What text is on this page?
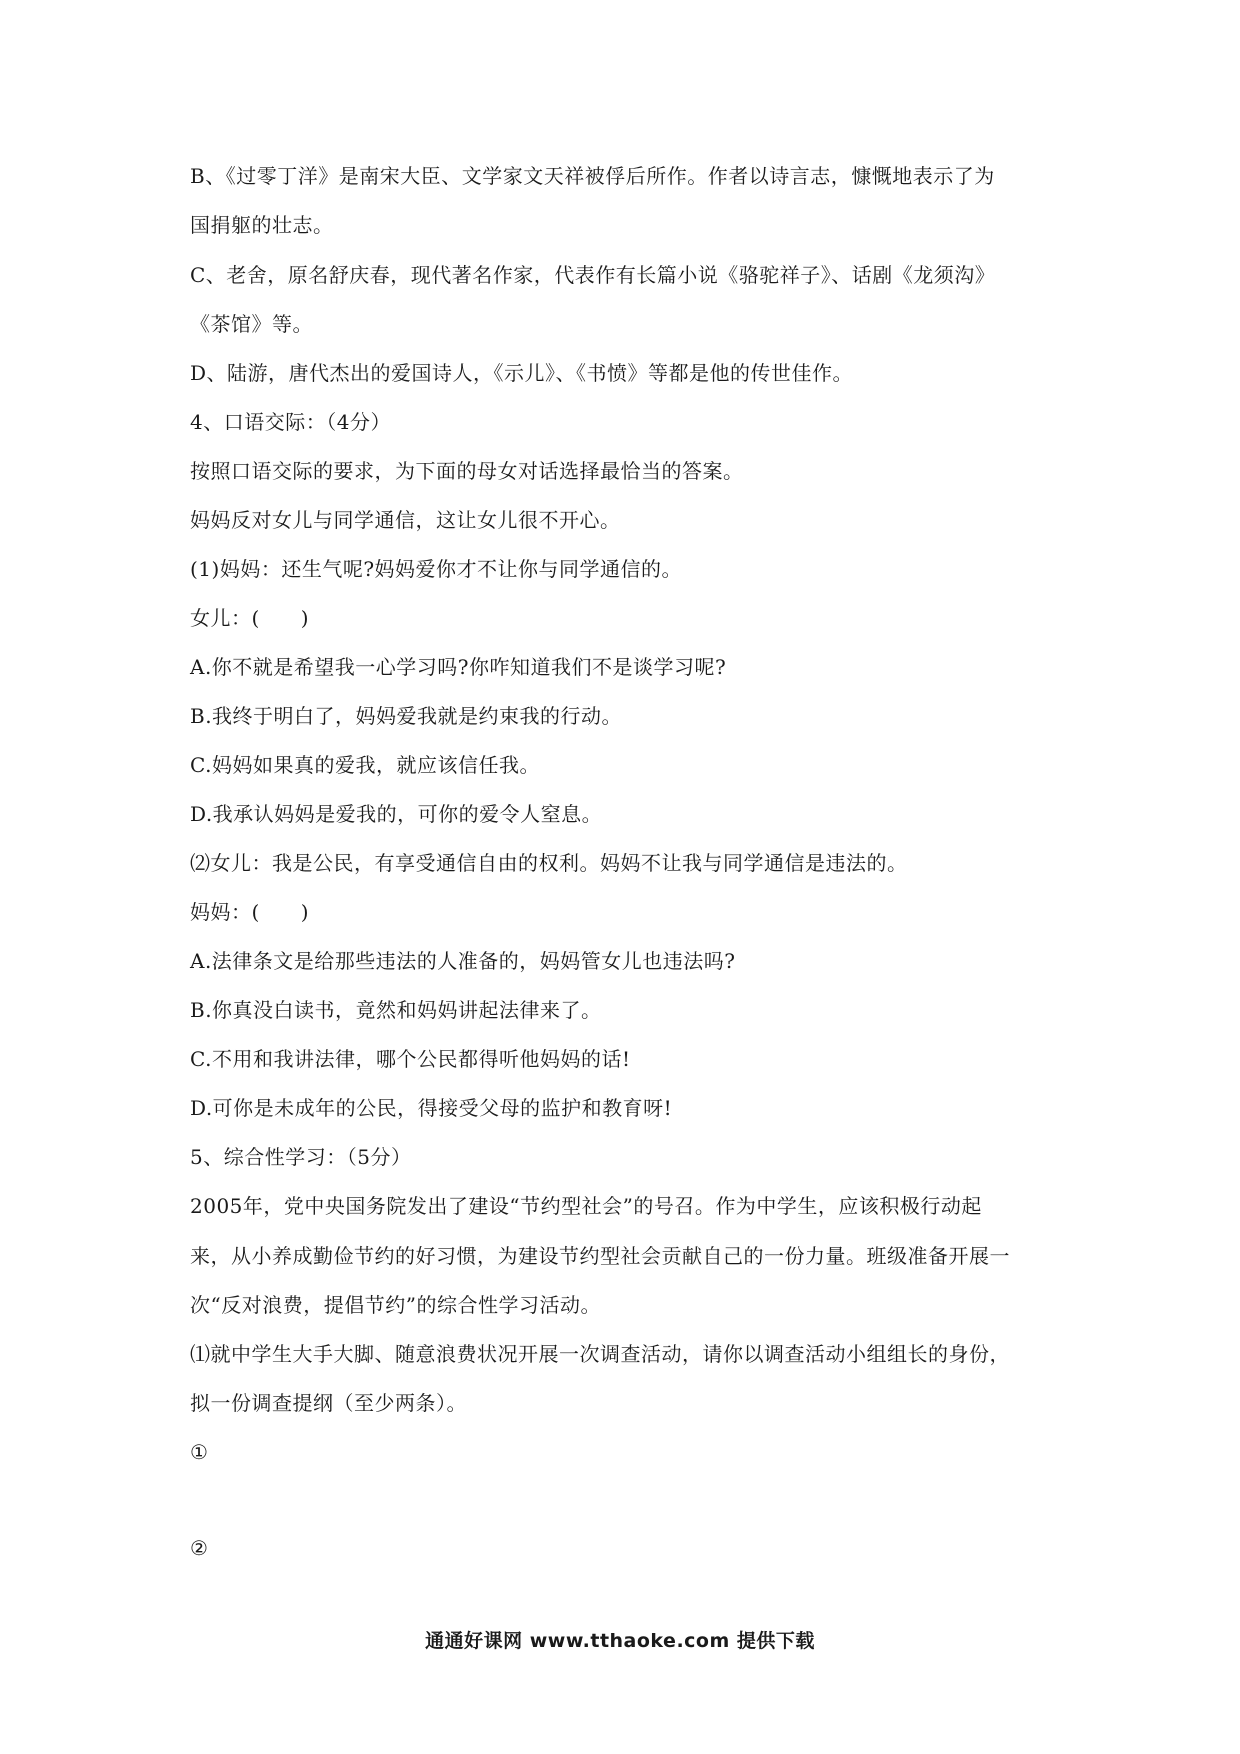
B、《过零丁洋》是南宋大臣、文学家文天祥被俘后所作。作者以诗言志，慷慨地表示了为
国捐躯的壮志。
C、老舍，原名舒庆春，现代著名作家，代表作有长篇小说《骆驼祥子》、话剧《龙须沟》
《茶馆》等。
D、陆游，唐代杰出的爱国诗人，《示儿》、《书愤》等都是他的传世佳作。
4、口语交际：（4分）
按照口语交际的要求，为下面的母女对话选择最恰当的答案。
妈妈反对女儿与同学通信，这让女儿很不开心。
(1)妈妈：还生气呢?妈妈爱你才不让你与同学通信的。
女儿：(　　)
A.你不就是希望我一心学习吗?你咋知道我们不是谈学习呢?
B.我终于明白了，妈妈爱我就是约束我的行动。
C.妈妈如果真的爱我，就应该信任我。
D.我承认妈妈是爱我的，可你的爱令人窒息。
⑵女儿：我是公民，有享受通信自由的权利。妈妈不让我与同学通信是违法的。
妈妈：(　　)
A.法律条文是给那些违法的人准备的，妈妈管女儿也违法吗?
B.你真没白读书，竟然和妈妈讲起法律来了。
C.不用和我讲法律，哪个公民都得听他妈妈的话!
D.可你是未成年的公民，得接受父母的监护和教育呀!
5、综合性学习：（5分）
2005年，党中央国务院发出了建设“节约型社会”的号召。作为中学生，应该积极行动起
来，从小养成勤俭节约的好习惯，为建设节约型社会贡献自己的一份力量。班级准备开展一
次“反对浪费，提倡节约”的综合性学习活动。
⑴就中学生大手大脚、随意浪费状况开展一次调查活动，请你以调查活动小组组长的身份，
拟一份调查提纲（至少两条）。
①
②
通通好课网 www.tthaoke.com 提供下载
